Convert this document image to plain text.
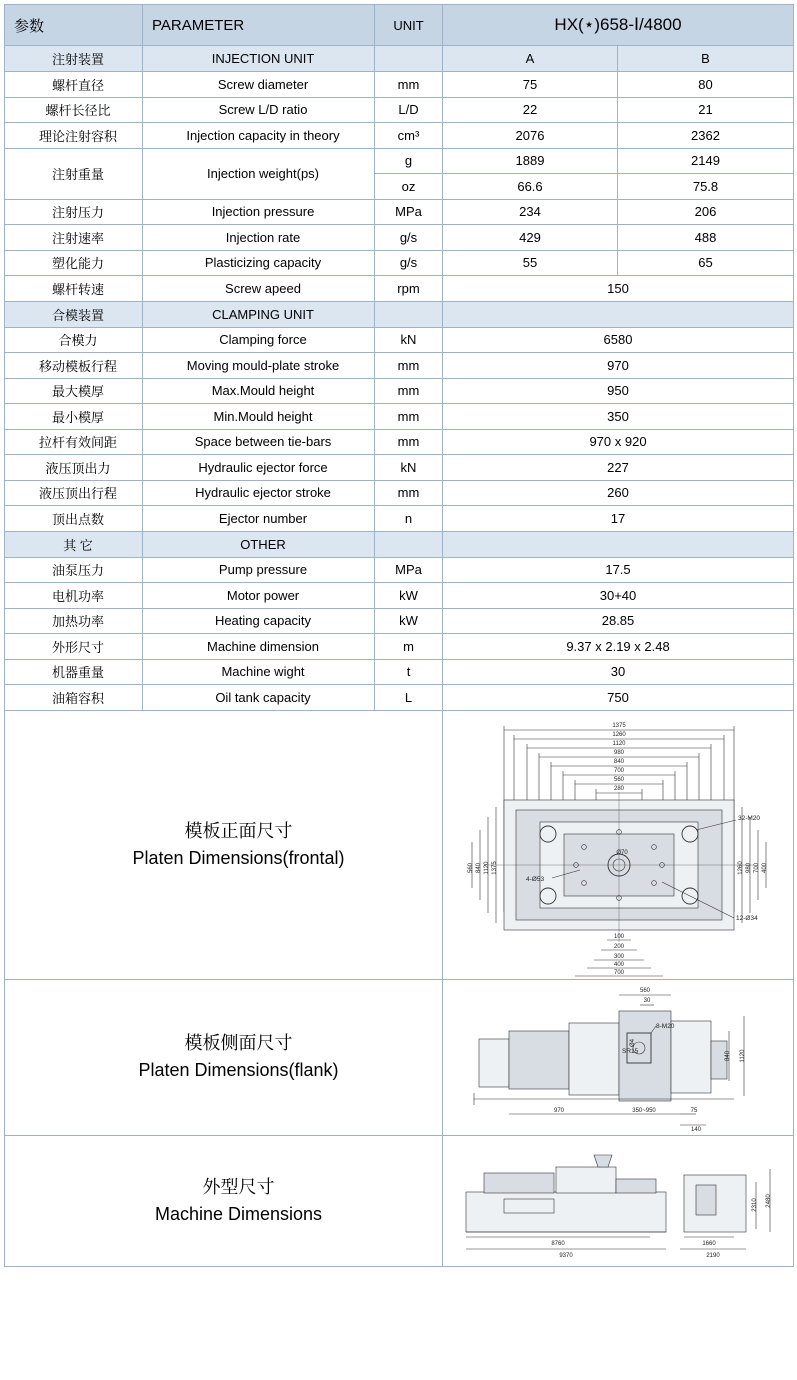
参数	PARAMETER	UNIT	HX(⋆)658-Ⅰ/4800	
注射装置	INJECTION UNIT		A	B
螺杆直径	Screw diameter	mm	75	80
螺杆长径比	Screw L/D ratio	L/D	22	21
理论注射容积	Injection capacity in theory	cm³	2076	2362
注射重量	Injection weight(ps)	g	1889	2149
		oz	66.6	75.8
注射压力	Injection pressure	MPa	234	206
注射速率	Injection rate	g/s	429	488
塑化能力	Plasticizing capacity	g/s	55	65
螺杆转速	Screw apeed	rpm	150	
合模装置	CLAMPING UNIT			
合模力	Clamping force	kN	6580	
移动模板行程	Moving mould-plate stroke	mm	970	
最大模厚	Max.Mould height	mm	950	
最小模厚	Min.Mould height	mm	350	
拉杆有效间距	Space between tie-bars	mm	970 x 920	
液压顶出力	Hydraulic ejector force	kN	227	
液压顶出行程	Hydraulic ejector stroke	mm	260	
顶出点数	Ejector number	n	17	
其 它	OTHER			
油泵压力	Pump pressure	MPa	17.5	
电机功率	Motor power	kW	30+40	
加热功率	Heating capacity	kW	28.85	
外形尺寸	Machine dimension	m	9.37 x 2.19 x 2.48	
机器重量	Machine wight	t	30	
油箱容积	Oil tank capacity	L	750	

模板正面尺寸
Platen Dimensions(frontal)

1375
1260
1120
980
840
700
560
280
Ø70
32-M20
12-Ø34
4-Ø53
1375
1120
840
560	1260 980 700 400
100
200
300
400
700

模板侧面尺寸
Platen Dimensions(flank)

8-M20
SR15
Ø4
1120
840
560
30
970	350~950	75
140

外型尺寸
Machine Dimensions

8760
9370
1660
2190
2310 2480
